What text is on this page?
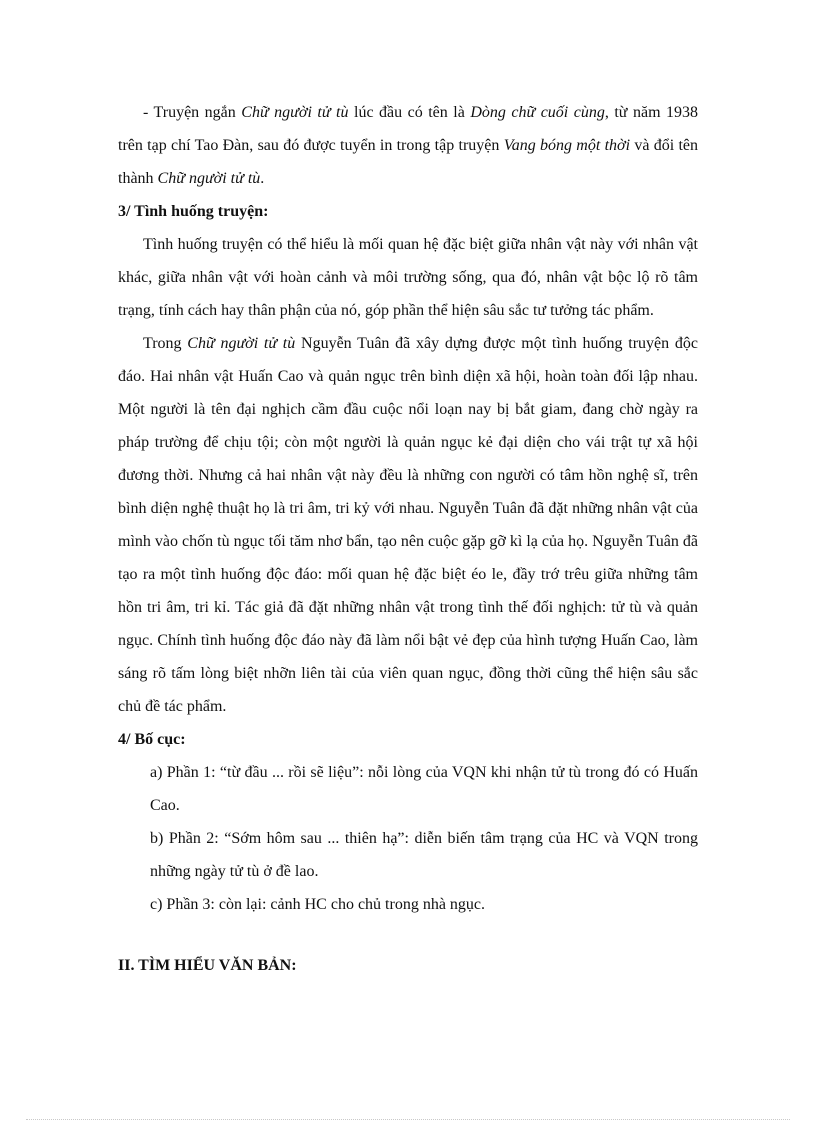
- Truyện ngắn Chữ người tử tù lúc đầu có tên là Dòng chữ cuối cùng, từ năm 1938 trên tạp chí Tao Đàn, sau đó được tuyển in trong tập truyện Vang bóng một thời và đổi tên thành Chữ người tử tù.

3/ Tình huống truyện:

Tình huống truyện có thể hiểu là mối quan hệ đặc biệt giữa nhân vật này với nhân vật khác, giữa nhân vật với hoàn cảnh và môi trường sống, qua đó, nhân vật bộc lộ rõ tâm trạng, tính cách hay thân phận của nó, góp phần thể hiện sâu sắc tư tưởng tác phẩm.

Trong Chữ người tử tù Nguyễn Tuân đã xây dựng được một tình huống truyện độc đáo. Hai nhân vật Huấn Cao và quản ngục trên bình diện xã hội, hoàn toàn đối lập nhau. Một người là tên đại nghịch cầm đầu cuộc nổi loạn nay bị bắt giam, đang chờ ngày ra pháp trường để chịu tội; còn một người là quản ngục kẻ đại diện cho vái trật tự xã hội đương thời. Nhưng cả hai nhân vật này đều là những con người có tâm hồn nghệ sĩ, trên bình diện nghệ thuật họ là tri âm, tri kỷ với nhau. Nguyễn Tuân đã đặt những nhân vật của mình vào chốn tù ngục tối tăm nhơ bẩn, tạo nên cuộc gặp gỡ kì lạ của họ. Nguyễn Tuân đã tạo ra một tình huống độc đáo: mối quan hệ đặc biệt éo le, đầy trớ trêu giữa những tâm hồn tri âm, tri kỉ. Tác giả đã đặt những nhân vật trong tình thế đối nghịch: tử tù và quản ngục. Chính tình huống độc đáo này đã làm nổi bật vẻ đẹp của hình tượng Huấn Cao, làm sáng rõ tấm lòng biệt nhỡn liên tài của viên quan ngục, đồng thời cũng thể hiện sâu sắc chủ đề tác phẩm.

4/ Bố cục:

a) Phần 1: “từ đầu ... rồi sẽ liệu”: nỗi lòng của VQN khi nhận tử tù trong đó có Huấn Cao.

b) Phần 2: “Sớm hôm sau ... thiên hạ”: diễn biến tâm trạng của HC và VQN trong những ngày tử tù ở đề lao.

c) Phần 3: còn lại: cảnh HC cho chủ trong nhà ngục.

II. TÌM HIỂU VĂN BẢN:
